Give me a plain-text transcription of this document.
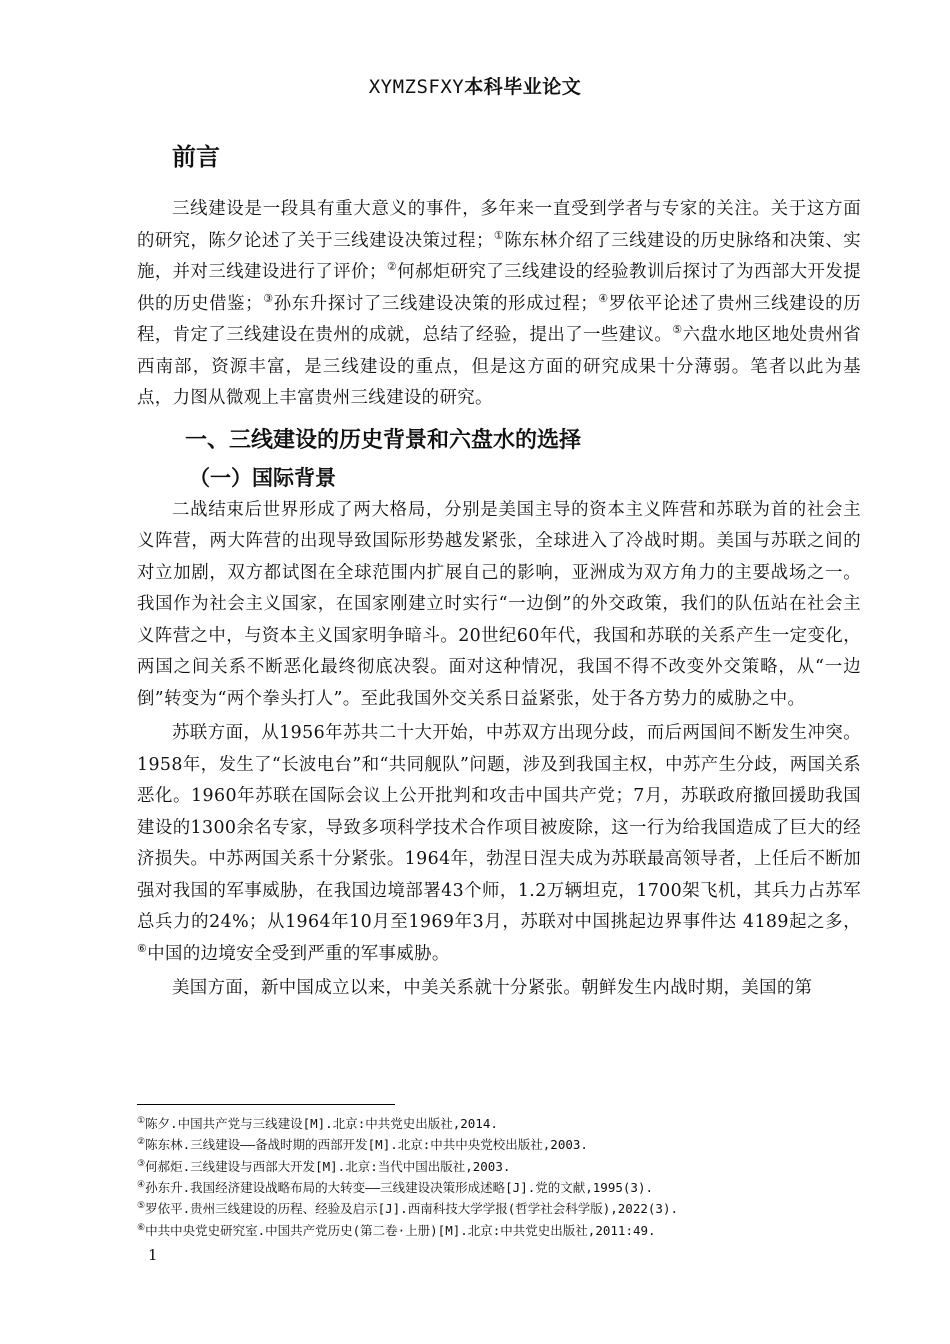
XYMZSFXY本科毕业论文
前言

三线建设是一段具有重大意义的事件，多年来一直受到学者与专家的关注。关于这方面的研究，陈夕论述了关于三线建设决策过程；①陈东林介绍了三线建设的历史脉络和决策、实施，并对三线建设进行了评价；②何郝炬研究了三线建设的经验教训后探讨了为西部大开发提供的历史借鉴；③孙东升探讨了三线建设决策的形成过程；④罗依平论述了贵州三线建设的历程，肯定了三线建设在贵州的成就，总结了经验，提出了一些建议。⑤六盘水地区地处贵州省西南部，资源丰富，是三线建设的重点，但是这方面的研究成果十分薄弱。笔者以此为基点，力图从微观上丰富贵州三线建设的研究。

一、三线建设的历史背景和六盘水的选择
（一）国际背景

二战结束后世界形成了两大格局，分别是美国主导的资本主义阵营和苏联为首的社会主义阵营，两大阵营的出现导致国际形势越发紧张，全球进入了冷战时期。美国与苏联之间的对立加剧，双方都试图在全球范围内扩展自己的影响，亚洲成为双方角力的主要战场之一。我国作为社会主义国家，在国家刚建立时实行“一边倒”的外交政策，我们的队伍站在社会主义阵营之中，与资本主义国家明争暗斗。20世纪60年代，我国和苏联的关系产生一定变化，两国之间关系不断恶化最终彻底决裂。面对这种情况，我国不得不改变外交策略，从“一边倒”转变为“两个拳头打人”。至此我国外交关系日益紧张，处于各方势力的威胁之中。

苏联方面，从1956年苏共二十大开始，中苏双方出现分歧，而后两国间不断发生冲突。1958年，发生了“长波电台”和“共同舰队”问题，涉及到我国主权，中苏产生分歧，两国关系恶化。1960年苏联在国际会议上公开批判和攻击中国共产党；7月，苏联政府撤回援助我国建设的1300余名专家，导致多项科学技术合作项目被废除，这一行为给我国造成了巨大的经济损失。中苏两国关系十分紧张。1964年，勃涅日涅夫成为苏联最高领导者，上任后不断加强对我国的军事威胁，在我国边境部署43个师，1.2万辆坦克，1700架飞机，其兵力占苏军总兵力的24%；从1964年10月至1969年3月，苏联对中国挑起边界事件达 4189起之多，⑥中国的边境安全受到严重的军事威胁。

美国方面，新中国成立以来，中美关系就十分紧张。朝鲜发生内战时期，美国的第

①陈夕.中国共产党与三线建设[M].北京:中共党史出版社,2014.
②陈东林.三线建设——备战时期的西部开发[M].北京:中共中央党校出版社,2003.
③何郝炬.三线建设与西部大开发[M].北京:当代中国出版社,2003.
④孙东升.我国经济建设战略布局的大转变——三线建设决策形成述略[J].党的文献,1995(3).
⑤罗依平.贵州三线建设的历程、经验及启示[J].西南科技大学学报(哲学社会科学版),2022(3).
⑥中共中央党史研究室.中国共产党历史(第二卷·上册)[M].北京:中共党史出版社,2011:49.
1
